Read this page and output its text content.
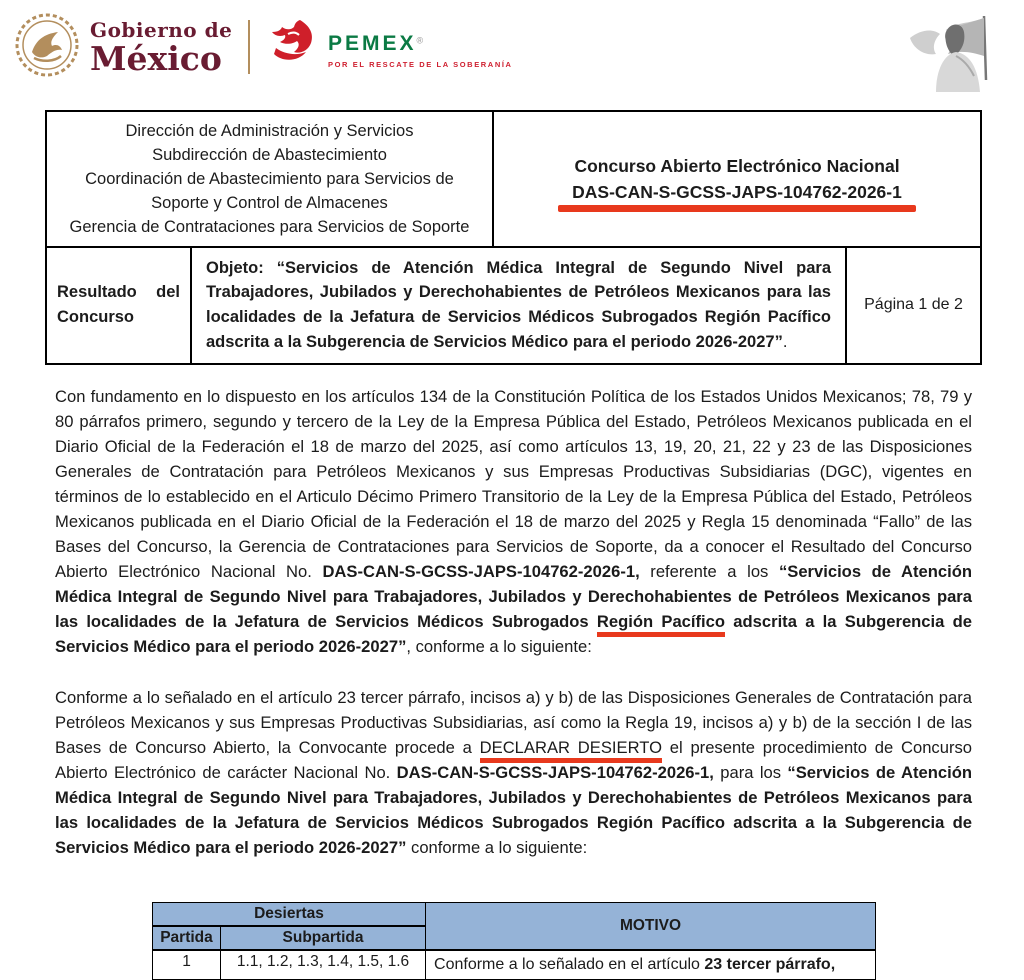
Gobierno de
México	PEMEX®
POR EL RESCATE DE LA SOBERANÍA
Dirección de Administración y Servicios
Subdirección de Abastecimiento
Coordinación de Abastecimiento para Servicios de Soporte y Control de Almacenes
Gerencia de Contrataciones para Servicios de Soporte

Concurso Abierto Electrónico Nacional
DAS-CAN-S-GCSS-JAPS-104762-2026-1
Resultado del Concurso	Objeto: “Servicios de Atención Médica Integral de Segundo Nivel para Trabajadores, Jubilados y Derechohabientes de Petróleos Mexicanos para las localidades de la Jefatura de Servicios Médicos Subrogados Región Pacífico adscrita a la Subgerencia de Servicios Médico para el periodo 2026-2027”.		Página 1 de 2

Con fundamento en lo dispuesto en los artículos 134 de la Constitución Política de los Estados Unidos Mexicanos; 78, 79 y 80 párrafos primero, segundo y tercero de la Ley de la Empresa Pública del Estado, Petróleos Mexicanos publicada en el Diario Oficial de la Federación el 18 de marzo del 2025, así como artículos 13, 19, 20, 21, 22 y 23 de las Disposiciones Generales de Contratación para Petróleos Mexicanos y sus Empresas Productivas Subsidiarias (DGC), vigentes en términos de lo establecido en el Articulo Décimo Primero Transitorio de la Ley de la Empresa Pública del Estado, Petróleos Mexicanos publicada en el Diario Oficial de la Federación el 18 de marzo del 2025 y Regla 15 denominada “Fallo” de las Bases del Concurso, la Gerencia de Contrataciones para Servicios de Soporte, da a conocer el Resultado del Concurso Abierto Electrónico Nacional No. DAS-CAN-S-GCSS-JAPS-104762-2026-1, referente a los “Servicios de Atención Médica Integral de Segundo Nivel para Trabajadores, Jubilados y Derechohabientes de Petróleos Mexicanos para las localidades de la Jefatura de Servicios Médicos Subrogados Región Pacífico adscrita a la Subgerencia de Servicios Médico para el periodo 2026-2027”, conforme a lo siguiente:

Conforme a lo señalado en el artículo 23 tercer párrafo, incisos a) y b) de las Disposiciones Generales de Contratación para Petróleos Mexicanos y sus Empresas Productivas Subsidiarias, así como la Regla 19, incisos a) y b) de la sección I de las Bases de Concurso Abierto, la Convocante procede a DECLARAR DESIERTO el presente procedimiento de Concurso Abierto Electrónico de carácter Nacional No. DAS-CAN-S-GCSS-JAPS-104762-2026-1, para los “Servicios de Atención Médica Integral de Segundo Nivel para Trabajadores, Jubilados y Derechohabientes de Petróleos Mexicanos para las localidades de la Jefatura de Servicios Médicos Subrogados Región Pacífico adscrita a la Subgerencia de Servicios Médico para el periodo 2026-2027” conforme a lo siguiente:

Desiertas		MOTIVO
Partida	Subpartida	
1	1.1, 1.2, 1.3, 1.4, 1.5, 1.6	Conforme a lo señalado en el artículo 23 tercer párrafo,
